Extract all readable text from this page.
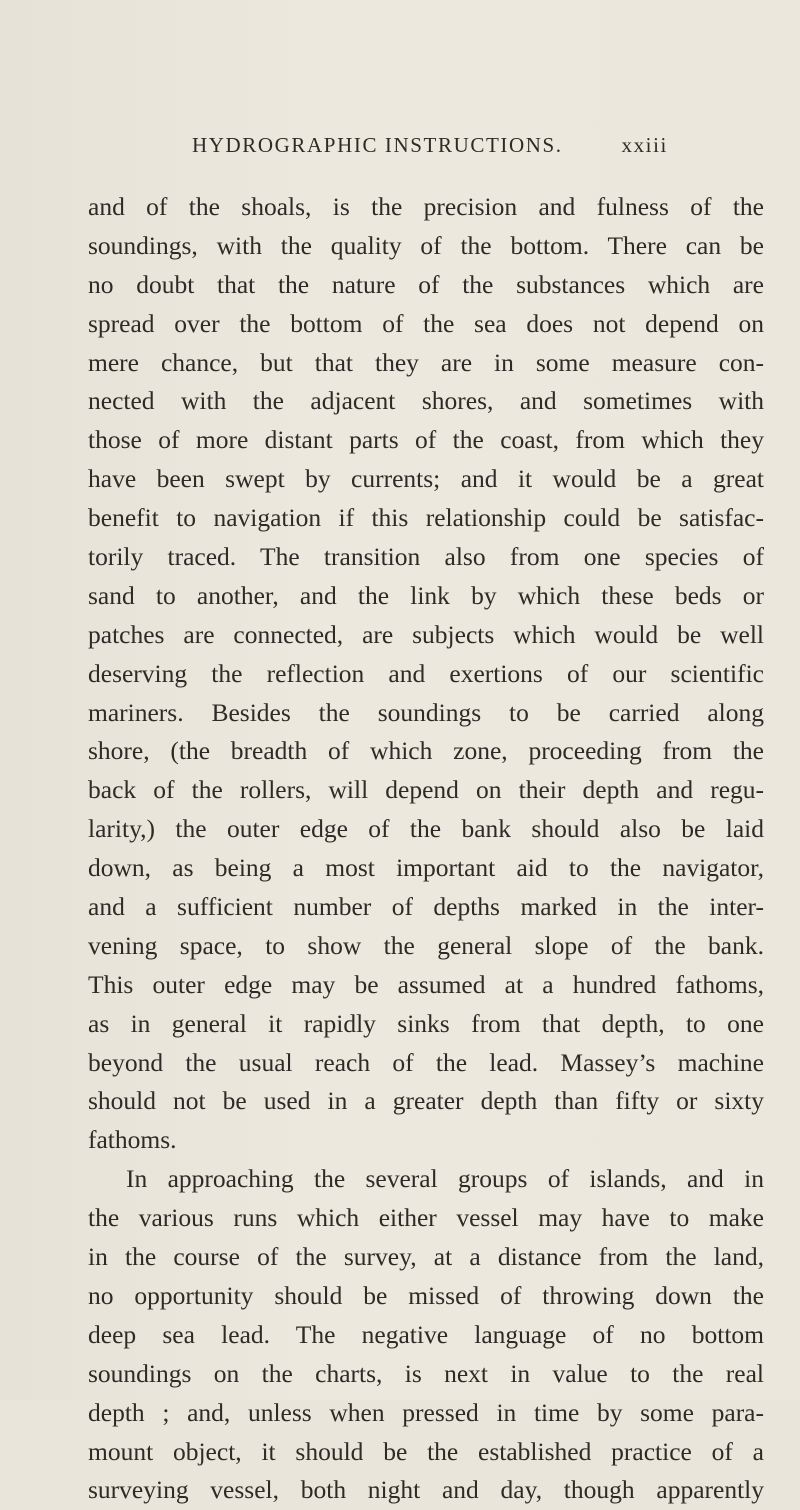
HYDROGRAPHIC INSTRUCTIONS.	xxiii
and of the shoals, is the precision and fulness of the
soundings, with the quality of the bottom. There can be
no doubt that the nature of the substances which are
spread over the bottom of the sea does not depend on
mere chance, but that they are in some measure con-
nected with the adjacent shores, and sometimes with
those of more distant parts of the coast, from which they
have been swept by currents; and it would be a great
benefit to navigation if this relationship could be satisfac-
torily traced. The transition also from one species of
sand to another, and the link by which these beds or
patches are connected, are subjects which would be well
deserving the reflection and exertions of our scientific
mariners. Besides the soundings to be carried along
shore, (the breadth of which zone, proceeding from the
back of the rollers, will depend on their depth and regu-
larity,) the outer edge of the bank should also be laid
down, as being a most important aid to the navigator,
and a sufficient number of depths marked in the inter-
vening space, to show the general slope of the bank.
This outer edge may be assumed at a hundred fathoms,
as in general it rapidly sinks from that depth, to one
beyond the usual reach of the lead. Massey’s machine
should not be used in a greater depth than fifty or sixty
fathoms.
In approaching the several groups of islands, and in
the various runs which either vessel may have to make
in the course of the survey, at a distance from the land,
no opportunity should be missed of throwing down the
deep sea lead. The negative language of no bottom
soundings on the charts, is next in value to the real
depth ; and, unless when pressed in time by some para-
mount object, it should be the established practice of a
surveying vessel, both night and day, though apparently
